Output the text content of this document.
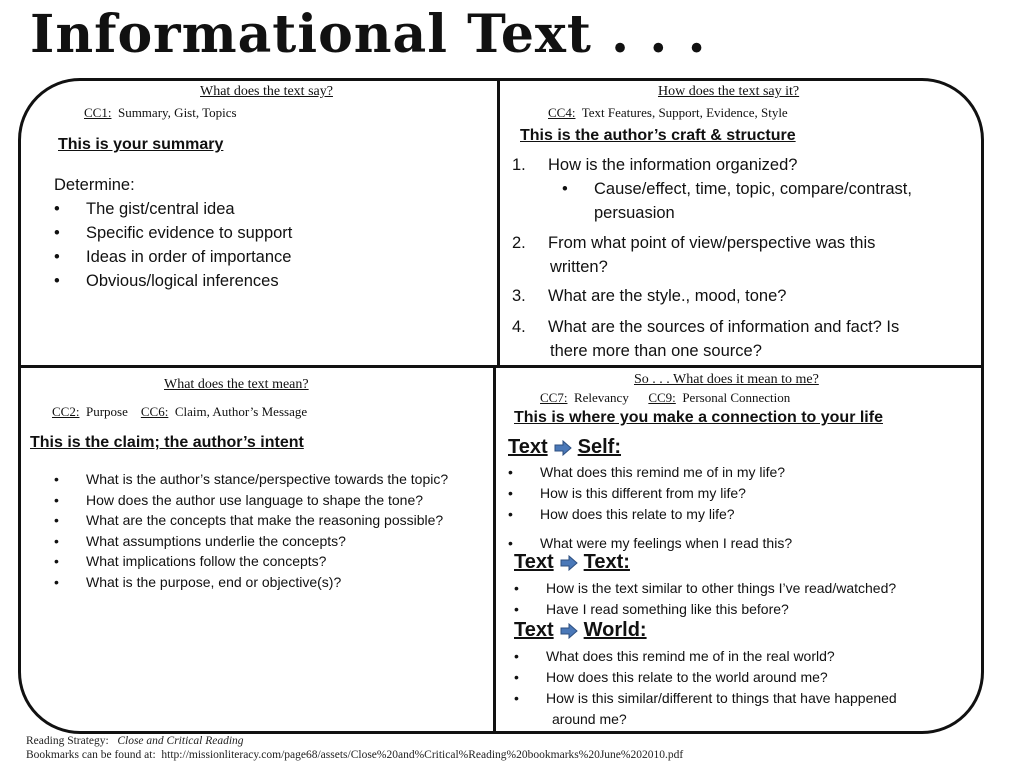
Informational Text . . .
What does the text say?
CC1: Summary, Gist, Topics
This is your summary
Determine:
• The gist/central idea
• Specific evidence to support
• Ideas in order of importance
• Obvious/logical inferences
How does the text say it?
CC4: Text Features, Support, Evidence, Style
This is the author’s craft & structure
1. How is the information organized?
• Cause/effect, time, topic, compare/contrast,
persuasion
2. From what point of view/perspective was this
written?
3. What are the style., mood, tone?
4. What are the sources of information and fact? Is
there more than one source?
What does the text mean?
CC2: Purpose CC6: Claim, Author’s Message
This is the claim; the author’s intent
• What is the author’s stance/perspective towards the topic?
• How does the author use language to shape the tone?
• What are the concepts that make the reasoning possible?
• What assumptions underlie the concepts?
• What implications follow the concepts?
• What is the purpose, end or objective(s)?
So . . . What does it mean to me?
CC7: Relevancy CC9: Personal Connection
This is where you make a connection to your life
Text Self:
• What does this remind me of in my life?
• How is this different from my life?
• How does this relate to my life?
• What were my feelings when I read this?
Text Text:
• How is the text similar to other things I’ve read/watched?
• Have I read something like this before?
Text World:
• What does this remind me of in the real world?
• How does this relate to the world around me?
• How is this similar/different to things that have happened
around me?
Reading Strategy: Close and Critical Reading
Bookmarks can be found at: http://missionliteracy.com/page68/assets/Close%20and%Critical%Reading%20bookmarks%20June%202010.pdf
